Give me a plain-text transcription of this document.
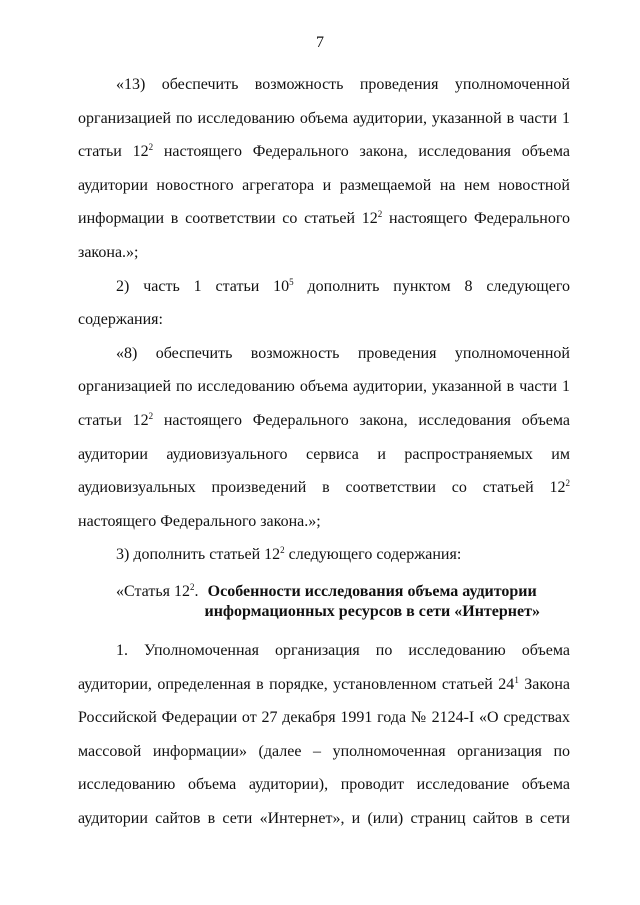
7

«13) обеспечить возможность проведения уполномоченной организацией по исследованию объема аудитории, указанной в части 1 статьи $12^2$ настоящего Федерального закона, исследования объема аудитории новостного агрегатора и размещаемой на нем новостной информации в соответствии со статьей $12^2$ настоящего Федерального закона.»;

2) часть 1 статьи $10^5$ дополнить пунктом 8 следующего содержания:

«8) обеспечить возможность проведения уполномоченной организацией по исследованию объема аудитории, указанной в части 1 статьи $12^2$ настоящего Федерального закона, исследования объема аудитории аудиовизуального сервиса и распространяемых им аудиовизуальных произведений в соответствии со статьей $12^2$ настоящего Федерального закона.»;

3) дополнить статьей $12^2$ следующего содержания:

«Статья $12^2$. Особенности исследования объема аудитории
информационных ресурсов в сети «Интернет»

1. Уполномоченная организация по исследованию объема аудитории, определенная в порядке, установленном статьей $24^1$ Закона Российской Федерации от 27 декабря 1991 года № 2124-I «О средствах массовой информации» (далее – уполномоченная организация по исследованию объема аудитории), проводит исследование объема аудитории сайтов в сети «Интернет», и (или) страниц сайтов в сети
